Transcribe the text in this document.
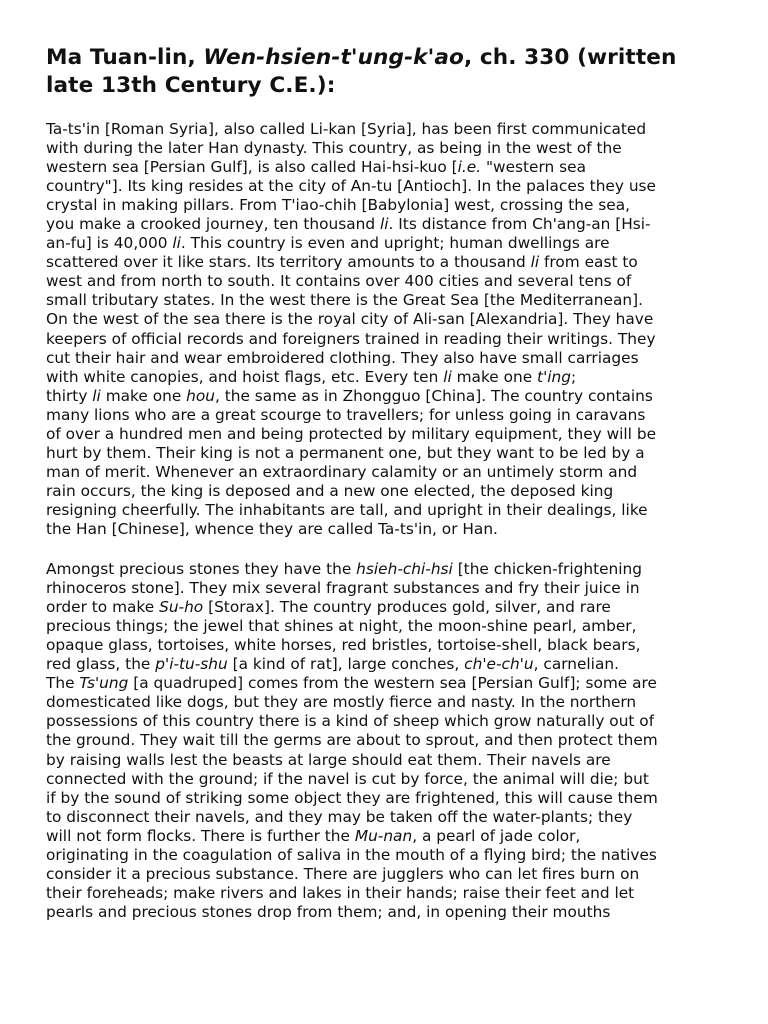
Ma Tuan-lin, Wen-hsien-t'ung-k'ao, ch. 330 (written
late 13th Century C.E.):

Ta-ts'in [Roman Syria], also called Li-kan [Syria], has been first communicated
with during the later Han dynasty. This country, as being in the west of the
western sea [Persian Gulf], is also called Hai-hsi-kuo [i.e. "western sea
country"]. Its king resides at the city of An-tu [Antioch]. In the palaces they use
crystal in making pillars. From T'iao-chih [Babylonia] west, crossing the sea,
you make a crooked journey, ten thousand li. Its distance from Ch'ang-an [Hsi-
an-fu] is 40,000 li. This country is even and upright; human dwellings are
scattered over it like stars. Its territory amounts to a thousand li from east to
west and from north to south. It contains over 400 cities and several tens of
small tributary states. In the west there is the Great Sea [the Mediterranean].
On the west of the sea there is the royal city of Ali-san [Alexandria]. They have
keepers of official records and foreigners trained in reading their writings. They
cut their hair and wear embroidered clothing. They also have small carriages
with white canopies, and hoist flags, etc. Every ten li make one t'ing;
thirty li make one hou, the same as in Zhongguo [China]. The country contains
many lions who are a great scourge to travellers; for unless going in caravans
of over a hundred men and being protected by military equipment, they will be
hurt by them. Their king is not a permanent one, but they want to be led by a
man of merit. Whenever an extraordinary calamity or an untimely storm and
rain occurs, the king is deposed and a new one elected, the deposed king
resigning cheerfully. The inhabitants are tall, and upright in their dealings, like
the Han [Chinese], whence they are called Ta-ts'in, or Han.

Amongst precious stones they have the hsieh-chi-hsi [the chicken-frightening
rhinoceros stone]. They mix several fragrant substances and fry their juice in
order to make Su-ho [Storax]. The country produces gold, silver, and rare
precious things; the jewel that shines at night, the moon-shine pearl, amber,
opaque glass, tortoises, white horses, red bristles, tortoise-shell, black bears,
red glass, the p'i-tu-shu [a kind of rat], large conches, ch'e-ch'u, carnelian.
The Ts'ung [a quadruped] comes from the western sea [Persian Gulf]; some are
domesticated like dogs, but they are mostly fierce and nasty. In the northern
possessions of this country there is a kind of sheep which grow naturally out of
the ground. They wait till the germs are about to sprout, and then protect them
by raising walls lest the beasts at large should eat them. Their navels are
connected with the ground; if the navel is cut by force, the animal will die; but
if by the sound of striking some object they are frightened, this will cause them
to disconnect their navels, and they may be taken off the water-plants; they
will not form flocks. There is further the Mu-nan, a pearl of jade color,
originating in the coagulation of saliva in the mouth of a flying bird; the natives
consider it a precious substance. There are jugglers who can let fires burn on
their foreheads; make rivers and lakes in their hands; raise their feet and let
pearls and precious stones drop from them; and, in opening their mouths
